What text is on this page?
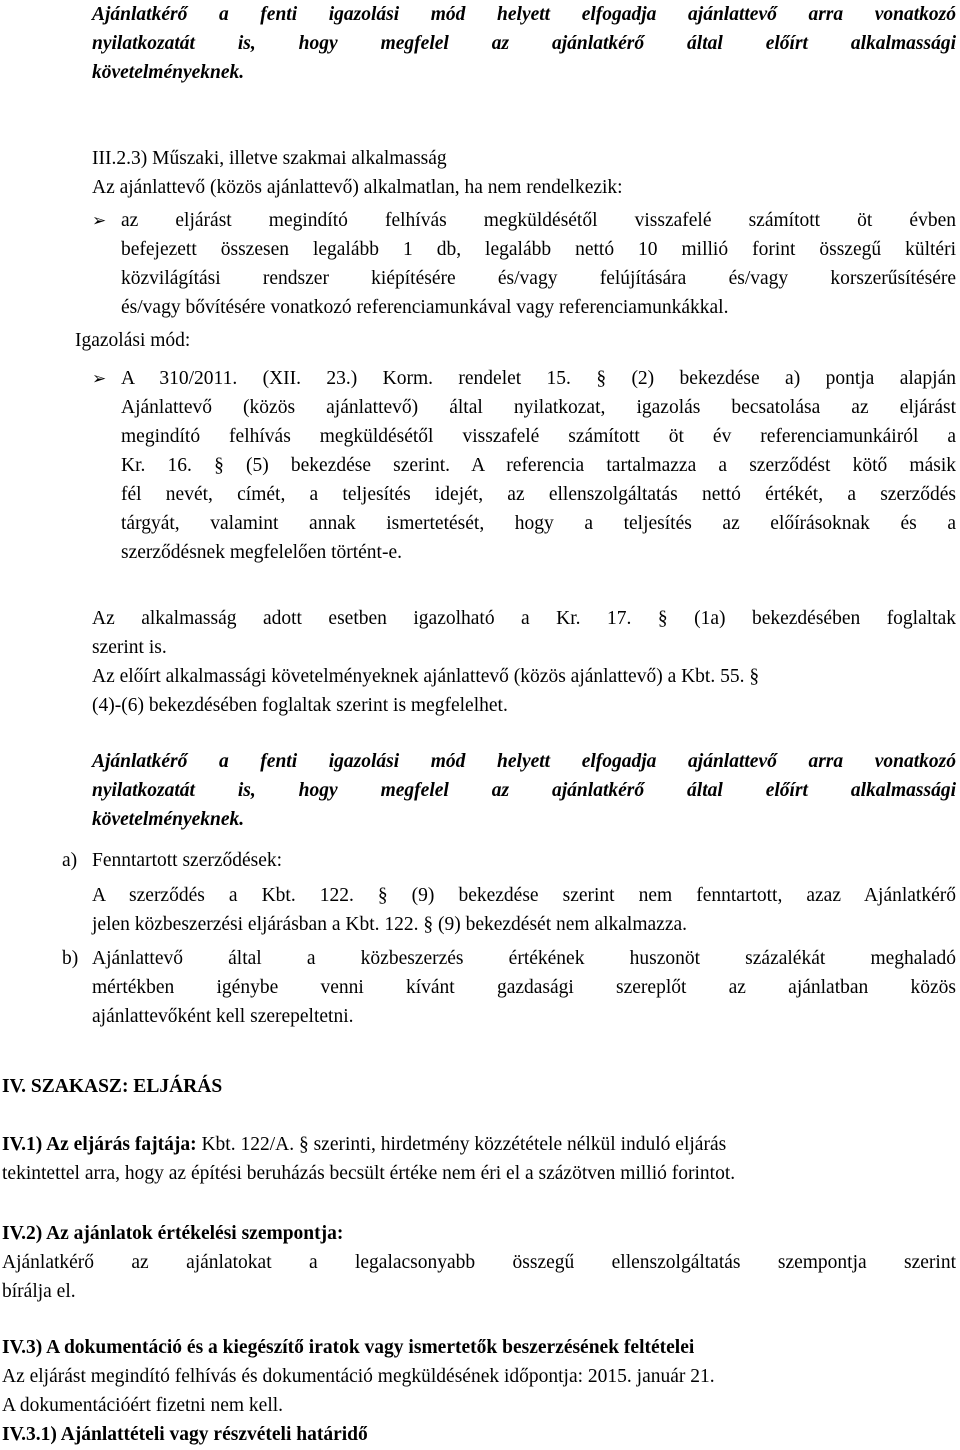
Ajánlatkérő a fenti igazolási mód helyett elfogadja ajánlattevő arra vonatkozó
nyilatkozatát is, hogy megfelel az ajánlatkérő által előírt alkalmassági
követelményeknek.
III.2.3) Műszaki, illetve szakmai alkalmasság
Az ajánlattevő (közös ajánlattevő) alkalmatlan, ha nem rendelkezik:
➢ az eljárást megindító felhívás megküldésétől visszafelé számított öt évben
befejezett összesen legalább 1 db, legalább nettó 10 millió forint összegű kültéri
közvilágítási rendszer kiépítésére és/vagy felújítására és/vagy korszerűsítésére
és/vagy bővítésére vonatkozó referenciamunkával vagy referenciamunkákkal.
Igazolási mód:
➢ A 310/2011. (XII. 23.) Korm. rendelet 15. § (2) bekezdése a) pontja alapján
Ajánlattevő (közös ajánlattevő) által nyilatkozat, igazolás becsatolása az eljárást
megindító felhívás megküldésétől visszafelé számított öt év referenciamunkáiról a
Kr. 16. § (5) bekezdése szerint. A referencia tartalmazza a szerződést kötő másik
fél nevét, címét, a teljesítés idejét, az ellenszolgáltatás nettó értékét, a szerződés
tárgyát, valamint annak ismertetését, hogy a teljesítés az előírásoknak és a
szerződésnek megfelelően történt-e.
Az alkalmasság adott esetben igazolható a Kr. 17. § (1a) bekezdésében foglaltak
szerint is.
Az előírt alkalmassági követelményeknek ajánlattevő (közös ajánlattevő) a Kbt. 55. §
(4)-(6) bekezdésében foglaltak szerint is megfelelhet.
Ajánlatkérő a fenti igazolási mód helyett elfogadja ajánlattevő arra vonatkozó
nyilatkozatát is, hogy megfelel az ajánlatkérő által előírt alkalmassági
követelményeknek.
a) Fenntartott szerződések:
A szerződés a Kbt. 122. § (9) bekezdése szerint nem fenntartott, azaz Ajánlatkérő
jelen közbeszerzési eljárásban a Kbt. 122. § (9) bekezdését nem alkalmazza.
b) Ajánlattevő által a közbeszerzés értékének huszonöt százalékát meghaladó
mértékben igénybe venni kívánt gazdasági szereplőt az ajánlatban közös
ajánlattevőként kell szerepeltetni.
IV. SZAKASZ: ELJÁRÁS
IV.1) Az eljárás fajtája: Kbt. 122/A. § szerinti, hirdetmény közzététele nélkül induló eljárás
tekintettel arra, hogy az építési beruházás becsült értéke nem éri el a százötven millió forintot.
IV.2) Az ajánlatok értékelési szempontja:
Ajánlatkérő az ajánlatokat a legalacsonyabb összegű ellenszolgáltatás szempontja szerint
bírálja el.
IV.3) A dokumentáció és a kiegészítő iratok vagy ismertetők beszerzésének feltételei
Az eljárást megindító felhívás és dokumentáció megküldésének időpontja: 2015. január 21.
A dokumentációért fizetni nem kell.
IV.3.1) Ajánlattételi vagy részvételi határidő
